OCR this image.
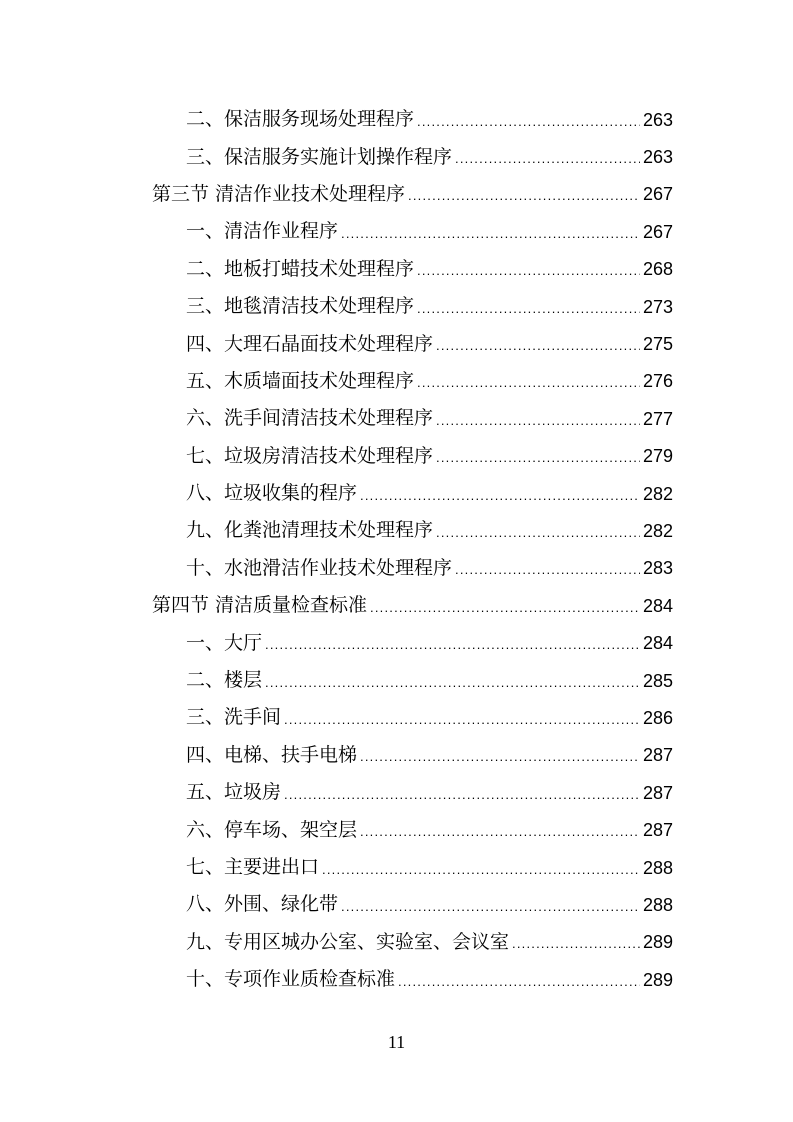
二、保洁服务现场处理程序 .....	263
三、保洁服务实施计划操作程序 .....	263
第三节 清洁作业技术处理程序 .....	267
一、清洁作业程序 .....	267
二、地板打蜡技术处理程序 .....	268
三、地毯清洁技术处理程序 .....	273
四、大理石晶面技术处理程序 .....	275
五、木质墙面技术处理程序 .....	276
六、洗手间清洁技术处理程序 .....	277
七、垃圾房清洁技术处理程序 .....	279
八、垃圾收集的程序 .....	282
九、化粪池清理技术处理程序 .....	282
十、水池滑洁作业技术处理程序 .....	283
第四节 清洁质量检查标准 .....	284
一、大厅 .....	284
二、楼层 .....	285
三、洗手间 .....	286
四、电梯、扶手电梯 .....	287
五、垃圾房 .....	287
六、停车场、架空层 .....	287
七、主要进出口 .....	288
八、外围、绿化带 .....	288
九、专用区城办公室、实验室、会议室 .....	289
十、专项作业质检查标准 .....	289
11
